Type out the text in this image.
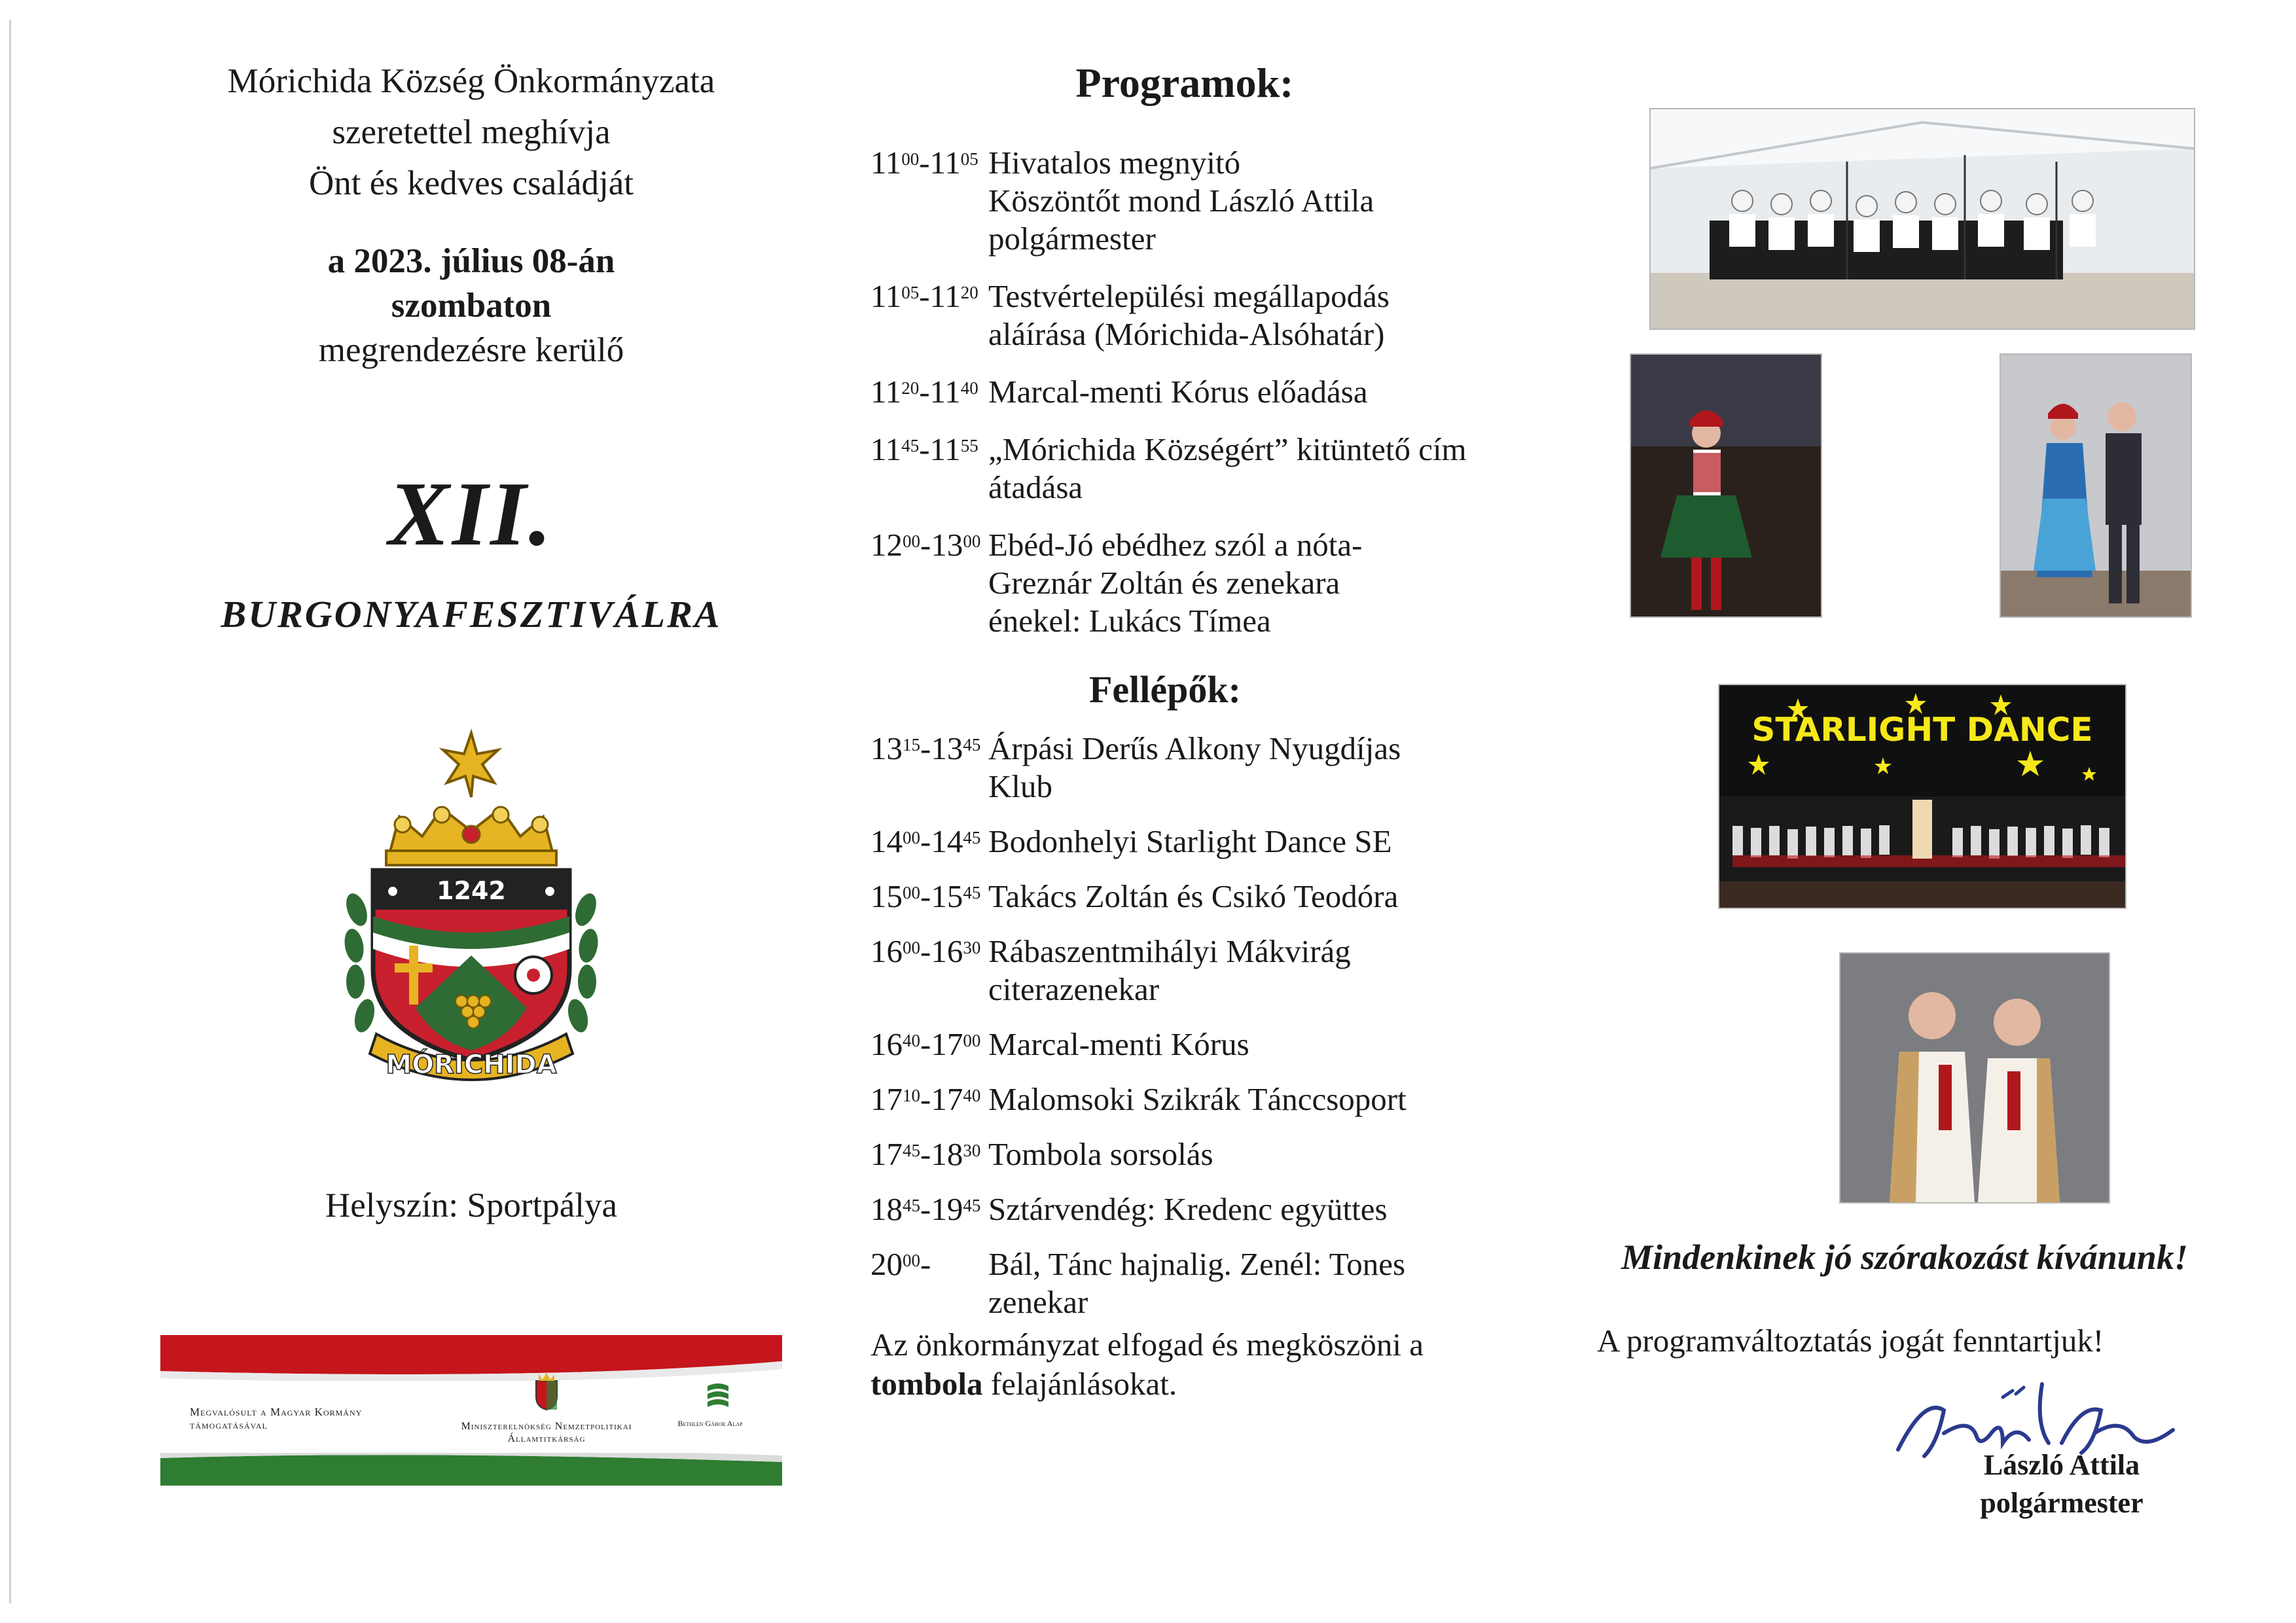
Mórichida Község Önkormányzata
szeretettel meghívja
Önt és kedves családját
a 2023. július 08-án
szombaton
megrendezésre kerülő
XII.
BURGONYAFESZTIVÁLRA
1242
MÓRICHIDA
Helyszín: Sportpálya
Megvalósult a Magyar Kormány támogatásával	Miniszterelnökség Nemzetpolitikai Államtitkárság
Bethlen Gábor Alap
Programok:
$11^{00}-11^{05}$ Hivatalos megnyitó
Köszöntőt mond László Attila
polgármester
$11^{05}-11^{20}$ Testvértelepülési megállapodás
aláírása (Mórichida-Alsóhatár)
$11^{20}-11^{40}$ Marcal-menti Kórus előadása
$11^{45}-11^{55}$ „Mórichida Községért” kitüntető cím
átadása
$12^{00}-13^{00}$ Ebéd-Jó ebédhez szól a nóta-
Greznár Zoltán és zenekara
énekel: Lukács Tímea
Fellépők:
$13^{15}-13^{45}$ Árpási Derűs Alkony Nyugdíjas
Klub
$14^{00}-14^{45}$ Bodonhelyi Starlight Dance SE
$15^{00}-15^{45}$ Takács Zoltán és Csikó Teodóra
$16^{00}-16^{30}$ Rábaszentmihályi Mákvirág
citerazenekar
$16^{40}-17^{00}$ Marcal-menti Kórus
$17^{10}-17^{40}$ Malomsoki Szikrák Tánccsoport
$17^{45}-18^{30}$ Tombola sorsolás
$18^{45}-19^{45}$ Sztárvendég: Kredenc együttes
$20^{00}-$ Bál, Tánc hajnalig. Zenél: Tones
zenekar
Az önkormányzat elfogad és megköszöni a
tombola felajánlásokat.
STARLIGHT DANCE
Mindenkinek jó szórakozást kívánunk!
A programváltoztatás jogát fenntartjuk!
László Attila
polgármester
